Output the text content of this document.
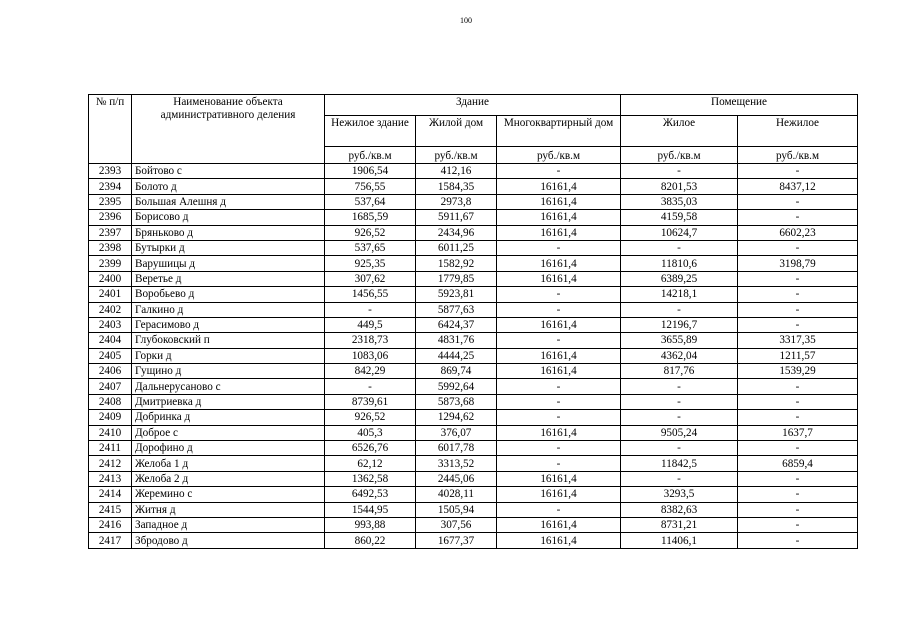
100
№ п/п	Наименование объекта административного деления	Здание			Помещение	
		Нежилое здание	Жилой дом	Многоквартирный дом	Жилое	Нежилое
		руб./кв.м	руб./кв.м	руб./кв.м	руб./кв.м	руб./кв.м
2393	Бойтово с	1906,54	412,16	-	-	-
2394	Болото д	756,55	1584,35	16161,4	8201,53	8437,12
2395	Большая Алешня д	537,64	2973,8	16161,4	3835,03	-
2396	Борисово д	1685,59	5911,67	16161,4	4159,58	-
2397	Бряньково д	926,52	2434,96	16161,4	10624,7	6602,23
2398	Бутырки д	537,65	6011,25	-	-	-
2399	Варушицы д	925,35	1582,92	16161,4	11810,6	3198,79
2400	Веретье д	307,62	1779,85	16161,4	6389,25	-
2401	Воробьево д	1456,55	5923,81	-	14218,1	-
2402	Галкино д	-	5877,63	-	-	-
2403	Герасимово д	449,5	6424,37	16161,4	12196,7	-
2404	Глубоковский п	2318,73	4831,76	-	3655,89	3317,35
2405	Горки д	1083,06	4444,25	16161,4	4362,04	1211,57
2406	Гущино д	842,29	869,74	16161,4	817,76	1539,29
2407	Дальнерусаново с	-	5992,64	-	-	-
2408	Дмитриевка д	8739,61	5873,68	-	-	-
2409	Добринка д	926,52	1294,62	-	-	-
2410	Доброе с	405,3	376,07	16161,4	9505,24	1637,7
2411	Дорофино д	6526,76	6017,78	-	-	-
2412	Желоба 1 д	62,12	3313,52	-	11842,5	6859,4
2413	Желоба 2 д	1362,58	2445,06	16161,4	-	-
2414	Жеремино с	6492,53	4028,11	16161,4	3293,5	-
2415	Житня д	1544,95	1505,94	-	8382,63	-
2416	Западное д	993,88	307,56	16161,4	8731,21	-
2417	Збродово д	860,22	1677,37	16161,4	11406,1	-
